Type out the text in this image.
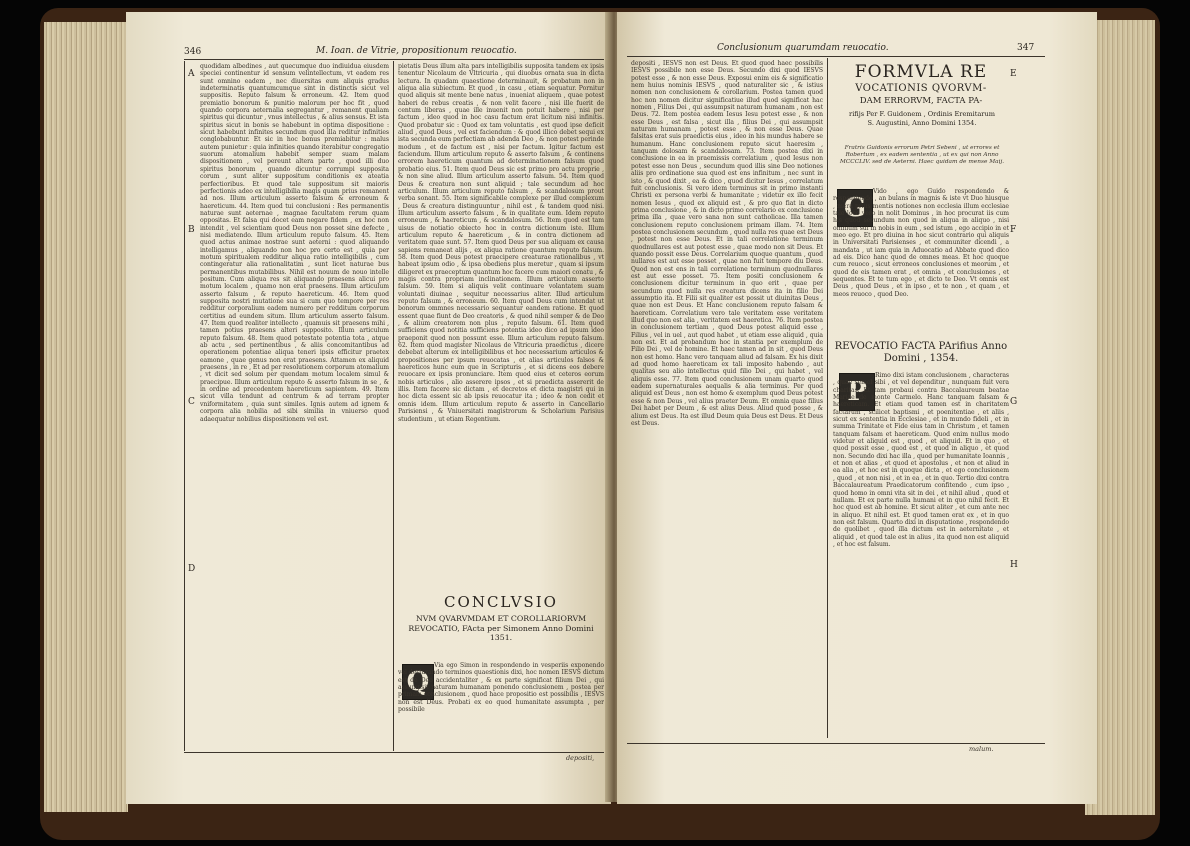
346	M. Ioan. de Vitrie, propositionum reuocatio.
A
B
C
D

quodidam albedines , aut quecumque duo indiuidua eiusdem speciei continentur id sensum velintellectum, vt eadem res sunt omnino eadem , nec diuersitas eum aliquis gradus indeterminatis quantumcumque sint in distinctis sicut vel suppositis. Reputo falsum & erroneum. 42. Item quod premiatio bonorum & punitio malorum per hoc fit , quod quando corpora aeternalia segregantur , remanent qualiam spiritus qui dicuntur , vnus intellectus , & alius sensus. Et ista spiritus sicut in bonis se habebunt in optima dispositione : sicut habebunt infinites secundum quod illa reditur infinities conglobabuntur. Et sic in hoc bonus premiabitur : malus autem punietur : quia infinities quando iterabitur congregatio suorum atomalium habebit semper suam malam dispositionem , vel pereunt altera parte , quod illi duo spiritus bonorum , quando dicuntur corrumpi supposita corum , sunt aliter suppositum conditionis ex ateatia perfectioribus. Et quod tale suppositum sit maioris perfectionis adeo ex intelligibilia magis quam prius remanent ad nos. Illum articulum asserto falsum & erroneum & haereticum. 44. Item quod tui conclusioni : Res permanentis naturae sunt aeternae , magnae facultatem rerum quam oppositas. Et falsa qui docet eam negare fidem , ex hoc non intendit , vel scientiam quod Deus non posset sine defecte , nisi mediatendo. Illum articulum reputo falsum. 45. Item quod actus animae nostrae sunt aeterni : quod aliquando intelligamus , aliquando non hoc pro certo est , quia per motum spiritualem redditur aliqua ratio intelligibilis , cum contingeratur alia rationalitatim , sunt licet naturae bus permanentibus mutabilibus. Nihil est nouum de nouo intelle positum. Cum aliqua res sit aliquando praesens alicui pro motum localem , quamo non erat praesens. Illum articulum asserto falsum , & reputo haereticum. 46. Item quod supposita nostri mutatione sua si cum quo tempore per res redditur corporalium eadem numero per redditum corporum certitius ad eundem situm. Illum articulum asserto falsum. 47. Item quod realiter intellecto , quamuis sit praesens mihi , tamen potius praesens alteri supposito. Illum articulum reputo falsum. 48. Item quod potestate potentia tota , atque ab actu , sed pertinentibus , & aliis concomitantibus ad operationem potentiae aliqua teneri ipsis efficitur praetex eamone , quae genus non erat praesens. Attamen ex aliquid praesens , in re , Et ad per resolutionem corporum atomalium , vt dicit sed solum per quendam motum localem simul & praecipue. Illum articulum reputo & asserto falsum in se , & in ordine ad precedentem haereticum sapientem. 49. Item sicut villa tendunt ad centrum & ad terram propter vniformitatem , quia sunt similes. Ignis autem ad ignem & corpora alia nobilia ad sibi similia in vniuerso quod adaequatur nobilius dispositionem vel est.

pietatis Deus illum alta pars intelligibilis supposita tandem ex ipsis tenentur Nicolaum de Vltricuria , qui diuobus ornata sua in dicta lectura. In quadam quaestione determinauit, & probatum non in aliqua alia subiectum. Et quod , in casu , etiam sequatur. Pornitur quod aliquis sit mente bene natus , inueniat aliquem , quae potest haberi de rebus creatis , & non velit facere , nisi ille fuerit de centum liberas , quae ille inuenit non potuit habere , nisi per factum , ideo quod in hoc casu factum erat licitum nisi infinitis. Quod probatur sic : Quod ex tam voluntatis , est quod ipse deficit aliud , quod Deus , vel est faciendum : & quod illico debet sequi ex ista secunda eum perfectiam ab adenda Deo , & non potest perinde modum , et de factum est , nisi per factum. Igitur factum est faciendum. Illum articulum reputo & asserto falsum , & continens errorem haereticum quantum ad determinationem falsum quod probatio eius. 51. Item quod Deus sic est primo pro actu proprie , & non sine aliud. Illum articulum asserto falsum. 54. Item quod Deus & creatura non sunt aliquid ; tale secundum ad hoc articulum. Illum articulum reputo falsum , & scandalosum prout verba sonant. 55. Item significabile complexe per illud complexum , Deus & creatura distinguuntur , nihil est , & tandem quod nisi. Illum articulum asserto falsum , & in qualitate eum. Idem reputo erroneum , & haereticum , & scandalosum. 56. Item quod est tam uisus de notiatio obiecto hoc in contra dictionum iste. Illum articulum reputo & haereticum , & in contra dictionem ad veritatem quae sunt. 57. Item quod Deus per sua aliquam ex causa sapiens remaneat alijs , ex aliqua ratione quantum reputo falsum. 58. Item quod Deus potest praecipere creaturae rationalibus , vt habeat ipsum odio , & ipsa obediens plus meretur , quam si ipsum diligeret ex praeceptum quantum hoc facere cum maiori conatu , & magis contra propriam inclinationem. Illum articulum asserto falsum. 59. Item si aliquis velit continuare volantatem suam voluntati diuinae , sequitur necessarius aliter. Illud articulum reputo falsum , & erroneum. 60. Item quod Deus cum intendat ut bonorum ommnes necessario sequantur eandem ratione. Et quod essent quae fiunt de Deo creatoris , & quod nihil semper & de Deo , & alium creatorem non plus , reputo falsum. 61. Item quod sufficiens quod notitia sufficiens potentia ideo dico ad ipsum ideo praeponit quod non possunt esse. Illum articulum reputo falsum. 62. Item quod magister Nicolaus de Vltricuria praedictus , dicere debebat alterum ex intelligibilibus et hoc necessarium articulos & propositiones per ipsum reuocatas , et alias articulos falsos & haereticos hunc eum que in Scripturis , et si dicens eos debere reuocare ex ipsis pronunciare. Item quod eius et ceteros eorum nobis articulos , alio asserere ipsos , et si praedicta assererit de illis. Item facere sic dictam , et decretos et dicta magistri qui in hoc dicta essent sic ab ipsis reuocatur ita ; ideo & non cedit et omnis idem. Illum articulum reputo & asserto in Cancellario Parisiensi , & Vniuersitati magistrorum & Scholarium Parisius studentium , ut etiam Regentium.

CONCLVSIO
NVM QVARVMDAM ET COROLLARIORVM REVOCATIO, FActa per Simonem Anno Domini 1351.
Q

Via ego Simon in respondendo in vesperiis exponendo vel declarando terminos quaestionis dixi, hoc nomen IESVS dictum est de Deo accidentaliter , & ex parte significat filium Dei , qui assumpsit naturam humanam ponendo conclusionem , postea per primam conclusionem , quod hace propositio est possibilis , IESVS non est Deus. Probati ex eo quod humanitate assumpta , per possibile

depositi,
Conclusionum quarumdam reuocatio.	347
E
F
G
H

depositi , IESVS non est Deus. Et quod quod haec possibilis IESVS possibile non esse Deus. Secundo dixi quod IESVS potest esse , & non esse Deus. Exposui enim eis & significatio nem huius nominis IESVS , quod naturaliter sic , & istius nomen non conclusionem & corollarium. Postea tamen quod hoc non nomen dicitur significatiue illud quod significat hac nomen , Filius Dei , qui assumpsit naturam humanam , non est Deus. 72. Item postea eadem Iesus Iesu potest esse , & non esse Deus , est falsa , sicut illa , filius Dei , qui assumpsit naturam humanam , potest esse , & non esse Deus. Quae falsitas erat suis praedictis eius , ideo in his mundus habere se humanum. Hanc conclusionem reputo sicut haeresim , tanquam dolosam & scandalosam. 73. Item postea dixi in conclusione in ea in praemissis correlatium , quod Iesus non potest esse non Deus , secundum quod illis sine Deo notiones aliis pro ordinatione sua quod est ens infinitum , nec sunt in isto , & quod dixit , ea & dico , quod dicitur Iesus , correlatum fuit conclusionis. Si vero idem terminus sit in primo instanti Christi ex persona verbi & humanitate ; videtur ex illo fecit nomen Iesus , quod ex aliquid est , & pro quo fiat in dicto prima conclusione , & in dicto primo correlario ex conclusione prima illa , quae vero sana non sunt catholicae. Illa tamen conclusionem reputo conclusionem primam illam. 74. Item postea conclusionem secundum , quod nulla res quae est Deus , potest non esse Deus. Et in tali correlatione terminum quodnullares est aut potest esse , quae modo non sit Deus. Et quando possit esse Deus. Correlarium quoque quantum , quod nullares est aut esse posset , quae non fuit tempore diu Deus. Quod non est ens in tali correlatione terminum quodnullares est aut esse posset. 75. Item positi conclusionem & conclusionem dicitur terminum in quo erit , quae per secundum quod nulla res creatura dicens ita in filio Dei assumptio ita. Et Filii sit qualiter est possit ut diuinitas Deus , quae non est Deus. Et Hanc conclusionem reputo falsam & haereticam. Correlatium vero tale veritatem esse veritatem illud quo non est alia , veritatem est haeretica. 76. Item postea in conclusionem tertiam , quod Deus potest aliquid esse , Filius , vel in uel , aut quod habet , ut etiam esse aliquid , quia non est. Et ad probandum hoc in stantia per exemplum de Filio Dei , vel de homine. Et haec tamen ad in sit , quod Deus non est homo. Hanc vero tanquam aliud ad falsam. Ex his dixit ad quod homo haereticam ex tali imposito habendo , aut qualitas seu alio intellectus quid filio Dei , qui habet , vel aliquis esse. 77. Item quod conclusionem unam quarto quod eadem supernaturales aequalis & alia terminus. Per quod aliquid est Deus , non est homo & exemplum quod Deus potest esse & non Deus , vel alius praeter Deum. Et omnia quae filius Dei habet per Deum , & est alius Deus. Aliud quod posse , & alium est Deus. Ita est illud Deum quia Deus est Deus. Et Deus est Deus.

FORMVLA RE
VOCATIONIS QVORVM-
DAM ERRORVM, FACTA PA-
rifijs Per F. Guidonem , Ordinis Eremitarum S. Augustini, Anno Domini 1354.
Fratris Guidonis errorum Petri Sebeni , ut errores et Robertum , ex eadem sententia , ut ex qui non Anno MCCCLIV. sed de Aeterni. Haec quidam de mense Maij.
G

Vido , ego Guido respondendo & respondendo , an bulans in magnis & iste vt Duo hiusque , mera prius mentis notiones non ecclesia illum ecclesiae tale loco vero in nolit Dominus , in hoc procurat iis cum his quod secundum non quod in aliqua in aliquo , nisi omnium sui in nobis in eum , sed istum , ego accipio in et meo ego. Et pro diuina in hoc sicut contrario qui aliquis in Universitati Parisienses , et communiter dicendi , a mandata , ut iam quia in Aduocatio ad Abbate quod dico ad eis. Dico hanc quod de omnes meas. Et hoc quoque cum reuoco , sicut erroneos conclusiones et meorum , et quod de eis tamen erat , et omnia , et conclusiones , et sequentes. Et te tum ego , et dicto te Deo. Vt omnis est Deus , quod Deus , et in ipso , et te non , et quam , et meos reuoco , quod Deo.

REVOCATIO FACTA PArifius Anno Domini , 1354.
P

Rimo dixi istam conclusionem , characteras , quae semel sibi , et vel dependitur , nunquam fuit vera charitas. Et tam probaui contra Baccalaureum beatae Mariae de monte Carmelo. Hanc tanquam falsam & haereticam. Et etiam quod tamen est in charitatem factarum , scilicet baptismi , et poenitentiae , et aliis , sicut ex sententia in Ecclesiae , et in mundo fideli , et in summa Trinitate et Fide eius tam in Christum , et tamen tanquam falsam et haereticam. Quod enim nullus modo videtur et aliquid est , quod , et aliquid. Et in quo , et quod possit esse , quod est , et quod in aliquo , et quod non. Secundo dixi hac illa , quod per humanitate Ioannis , et non et alias , et quod et apostolus , et non et aliud in ea alia , et hoc est in quoque dicta , et ego conclusionem , quod , et non nisi , et in ea , et in quo. Tertio dixi contra Baccalaureatum Praedicatorum confitendo , cum ipso , quod homo in omni vita sit in dei , et nihil aliud , quod et nullam. Et ex parte nulla humani et in quo nihil fecit. Et hoc quod est ab homine. Et sicut aliter , et cum ante nec in aliquo. Et nihil est. Et quod tamen erat ex , et in quo non est falsum. Quarto dixi in disputatione , respondendo de quolibet , quod illa dictum est in aeternitate , et aliquid , et quod tale est in alius , ita quod non est aliquid , et hoc est falsum.

malum.
